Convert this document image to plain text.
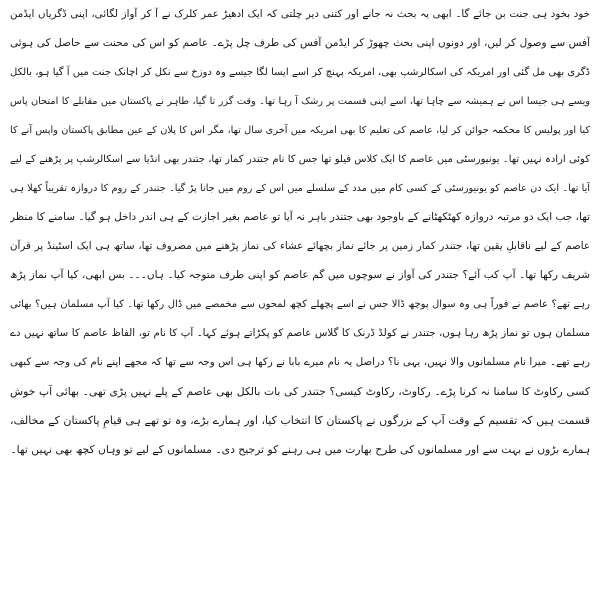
خود بخود ہی جنت بن جائے گا۔ ابھی یہ بحث نہ جانے اور کتنی دیر چلتی کہ ایک ادھیڑ عمر کلرک نے آ کر آواز لگائی، اپنی ڈگریاں ایڈمن

آفس سے وصول کر لیں، اور دونوں اپنی بحث چھوڑ کر ایڈمن آفس کی طرف چل پڑے۔ عاصم کو اس کی محنت سے حاصل کی ہوئی

ڈگری بھی مل گئی اور امریکہ کی اسکالرشپ بھی، امریکہ پہنچ کر اسے ایسا لگا جیسے وہ دوزخ سے نکل کر اچانک جنت میں آ گیا ہو، بالکل

ویسے ہی جیسا اس نے ہمیشہ سے چاہا تھا، اسے اپنی قسمت پر رشک آ رہا تھا۔ وقت گزر تا گیا، طاہر نے پاکستان میں مقابلے کا امتحان پاس

کیا اور پولیس کا محکمہ جوائن کر لیا، عاصم کی تعلیم کا بھی امریکہ میں آخری سال تھا، مگر اس کا پلان کے عین مطابق پاکستان واپس آنے کا

کوئی ارادہ نہیں تھا۔ یونیورسٹی میں عاصم کا ایک کلاس فیلو تھا جس کا نام جتندر کمار تھا، جتندر بھی انڈیا سے اسکالرشپ پر پڑھنے کے لیے

آیا تھا۔ ایک دن عاصم کو یونیورسٹی کے کسی کام میں مدد کے سلسلے میں اس کے روم میں جانا پڑ گیا۔ جتندر کے روم کا دروازہ تقریباً کھلا ہی

تھا، جب ایک دو مرتبہ دروازہ کھٹکھٹانے کے باوجود بھی جتندر باہر نہ آیا تو عاصم بغیر اجازت کے ہی اندر داخل ہو گیا۔ سامنے کا منظر

عاصم کے لیے ناقابلِ یقین تھا، جتندر کمار زمین پر جائے نماز بچھائے عشاء کی نماز پڑھنے میں مصروف تھا، ساتھ ہی ایک اسٹینڈ پر قرآن

شریف رکھا تھا۔ آپ کب آئے؟ جتندر کی آواز نے سوچوں میں گم عاصم کو اپنی طرف متوجہ کیا۔ ہاں۔۔۔ بس ابھی، کیا آپ نماز پڑھ

رہے تھے؟ عاصم نے فوراً ہی وہ سوال پوچھ ڈالا جس نے اسے پچھلے کچھ لمحوں سے مخمصے میں ڈال رکھا تھا۔ کیا آپ مسلمان ہیں؟ بھائی

مسلمان ہوں تو نماز پڑھ رہا ہوں، جتندر نے کولڈ ڈرنک کا گلاس عاصم کو پکڑاتے ہوئے کہا۔ آپ کا نام تو، الفاظ عاصم کا ساتھ نہیں دے

رہے تھے۔ میرا نام مسلمانوں والا نہیں، یہی نا؟ دراصل یہ نام میرے بابا نے رکھا ہی اس وجہ سے تھا کہ مجھے اپنے نام کی وجہ سے کبھی

کسی رکاوٹ کا سامنا نہ کرنا پڑے۔ رکاوٹ، رکاوٹ کیسی؟ جتندر کی بات بالکل بھی عاصم کے پلے نہیں پڑی تھی۔ بھائی آپ خوش

قسمت ہیں کہ تقسیم کے وقت آپ کے بزرگوں نے پاکستان کا انتخاب کیا، اور ہمارے بڑے، وہ تو تھے ہی قیامِ پاکستان کے مخالف،

ہمارے بڑوں نے بہت سے اور مسلمانوں کی طرح بھارت میں ہی رہنے کو ترجیح دی۔ مسلمانوں کے لیے تو وہاں کچھ بھی نہیں تھا۔
